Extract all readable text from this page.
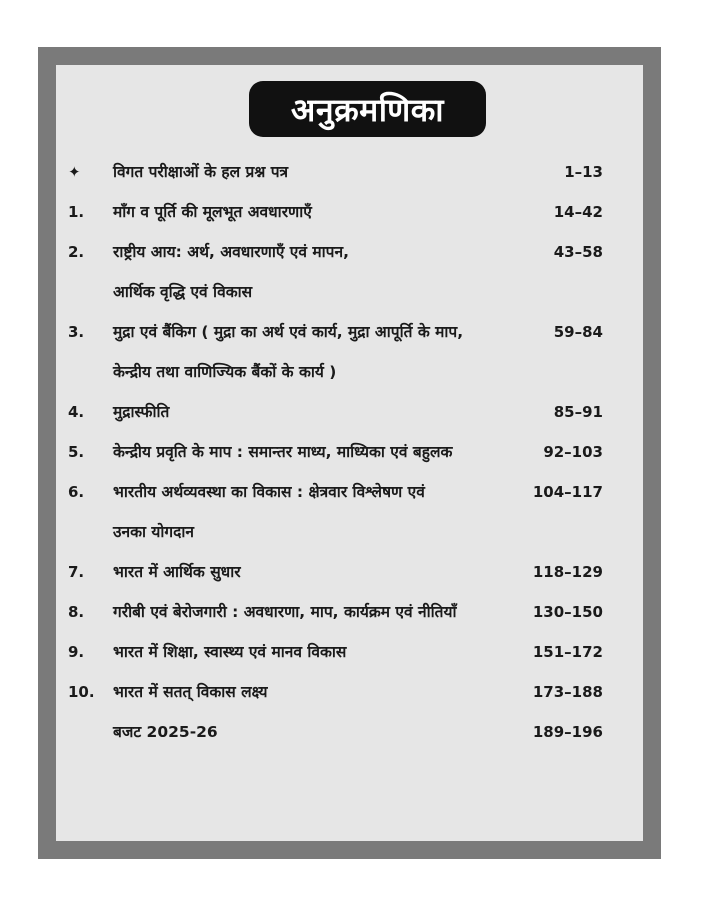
अनुक्रमणिका
✦ विगत परीक्षाओं के हल प्रश्न पत्र	1–13
1. माँग व पूर्ति की मूलभूत अवधारणाएँ	14–42
2. राष्ट्रीय आय: अर्थ, अवधारणाएँ एवं मापन,	43–58
आर्थिक वृद्धि एवं विकास
3. मुद्रा एवं बैंकिग ( मुद्रा का अर्थ एवं कार्य, मुद्रा आपूर्ति के माप,	59–84
केन्द्रीय तथा वाणिज्यिक बैंकों के कार्य )
4. मुद्रास्फीति	85–91
5. केन्द्रीय प्रवृति के माप : समान्तर माध्य, माध्यिका एवं बहुलक	92–103
6. भारतीय अर्थव्यवस्था का विकास : क्षेत्रवार विश्लेषण एवं	104–117
उनका योगदान
7. भारत में आर्थिक सुधार	118–129
8. गरीबी एवं बेरोजगारी : अवधारणा, माप, कार्यक्रम एवं नीतियाँ	130–150
9. भारत में शिक्षा, स्वास्थ्य एवं मानव विकास	151–172
10. भारत में सतत् विकास लक्ष्य	173–188
बजट 2025-26	189–196
